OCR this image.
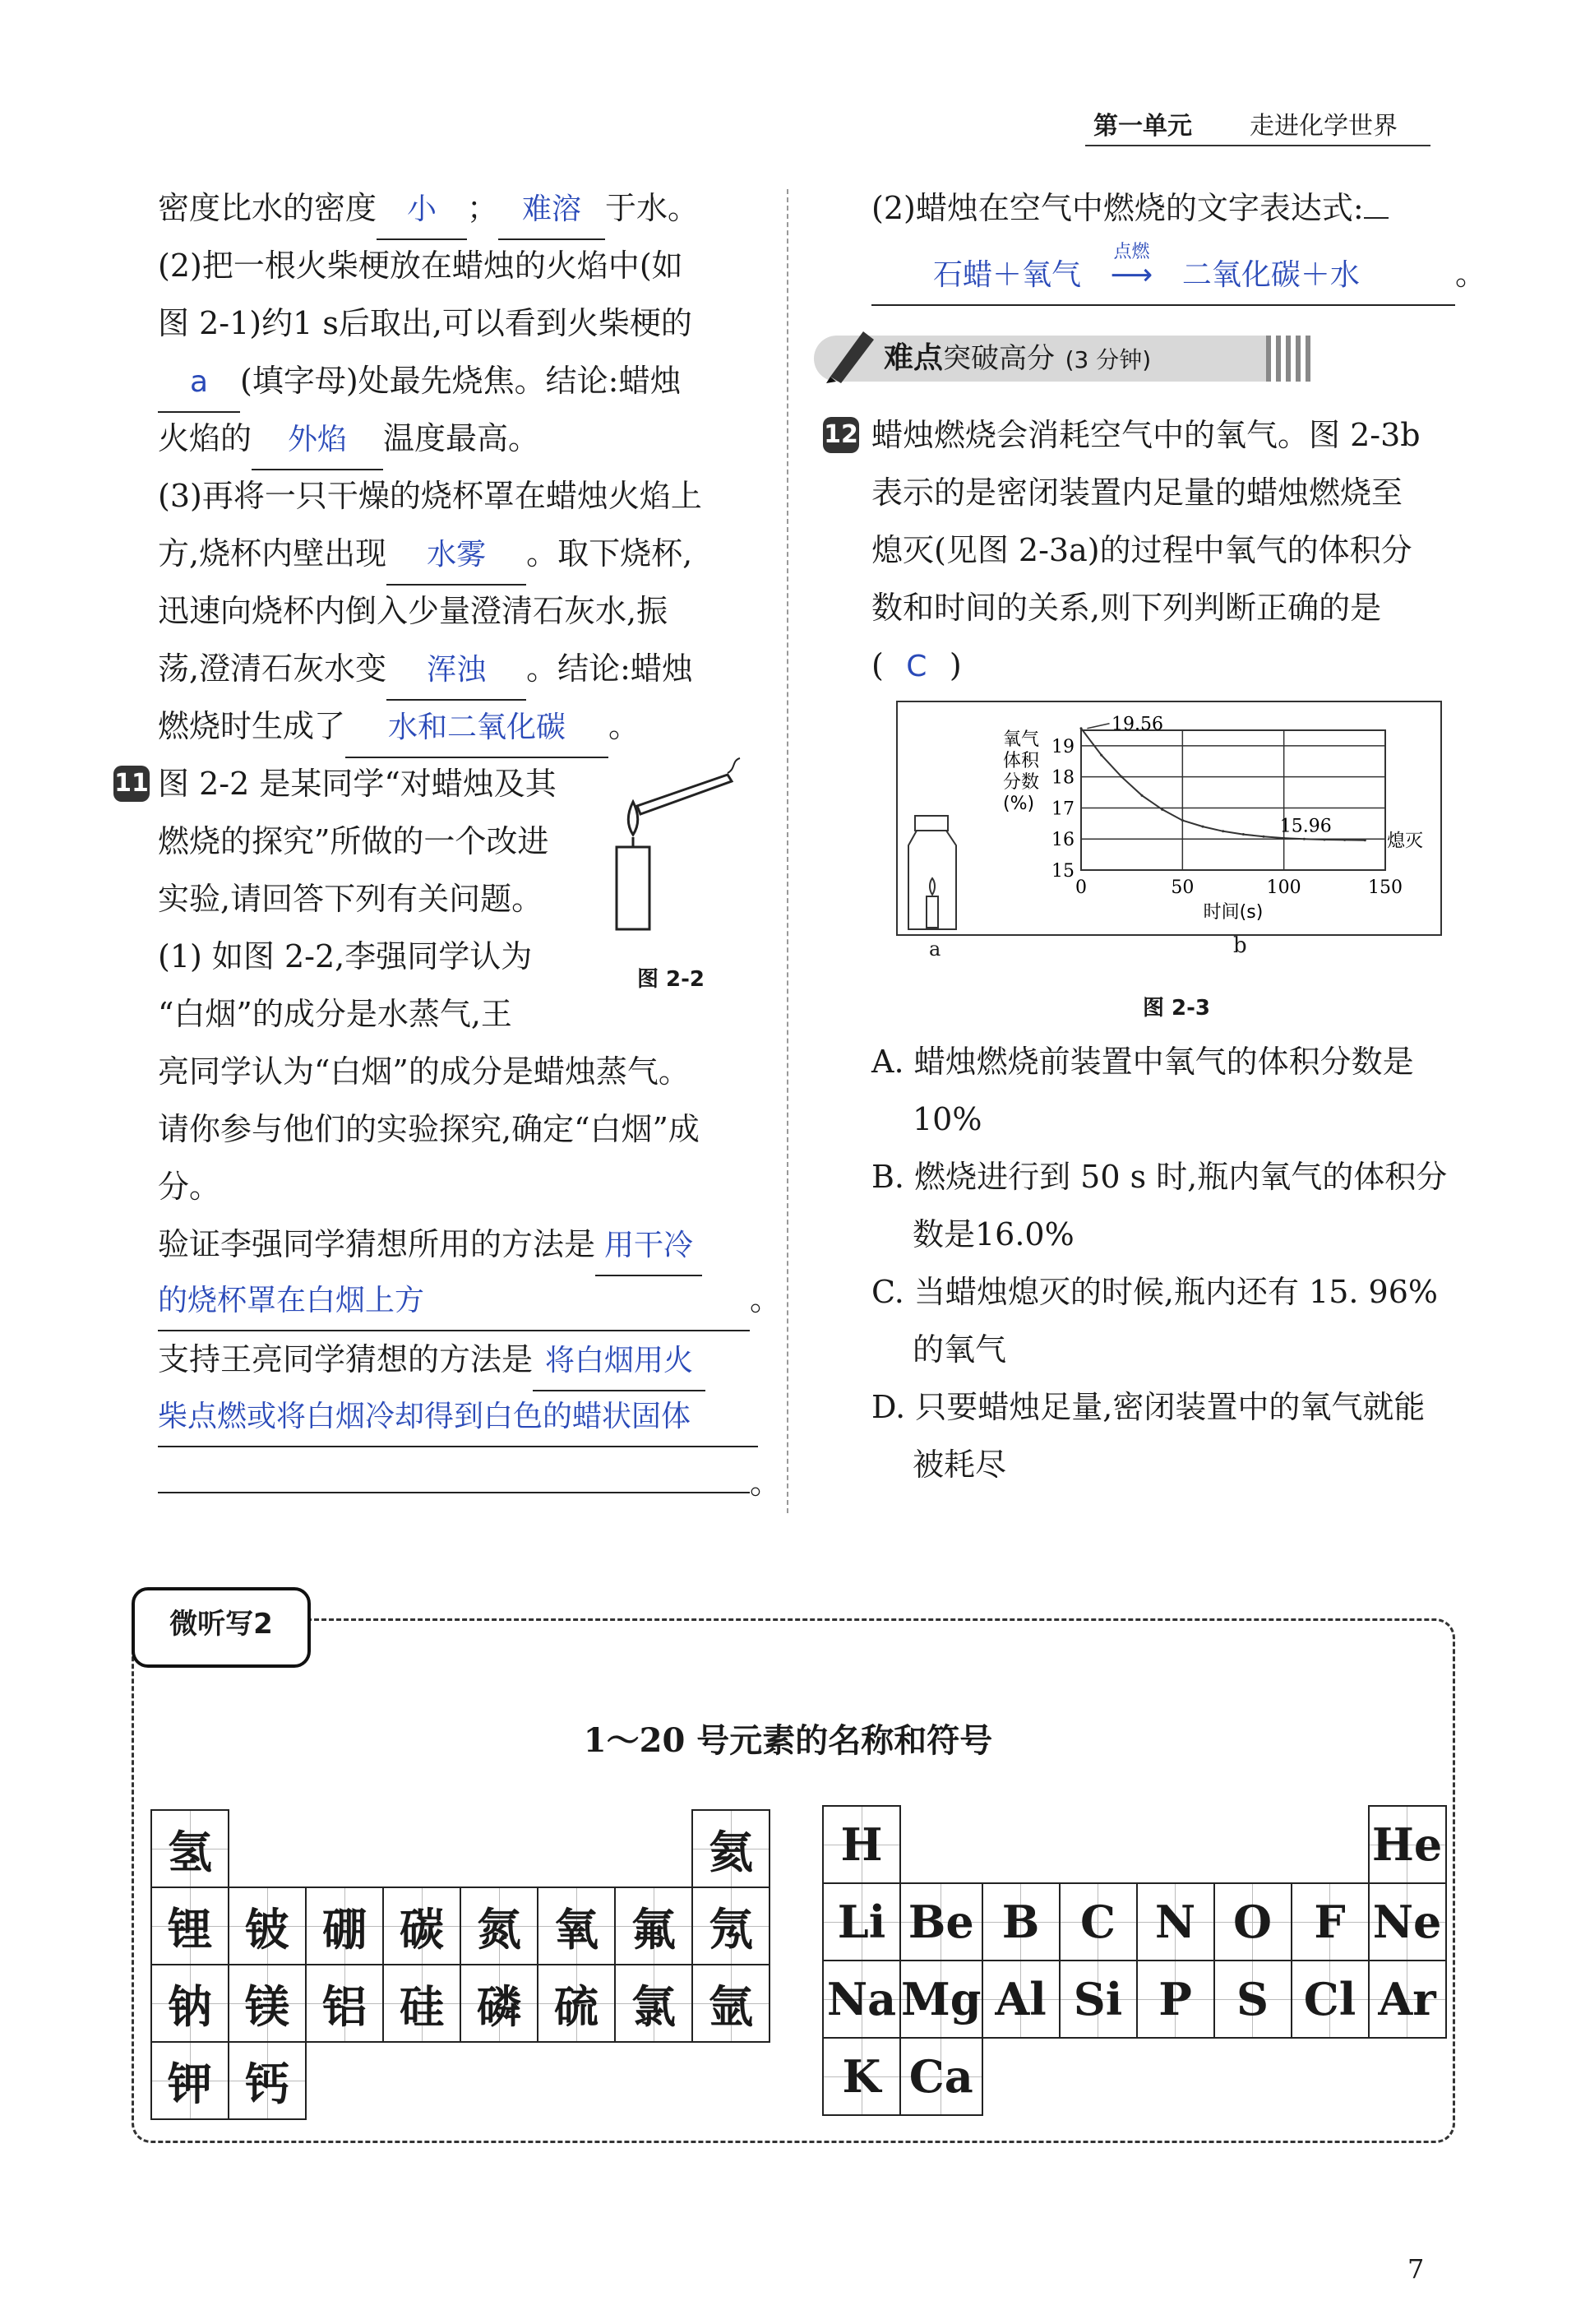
第一单元 走进化学世界
密度比水的密度 小 ； 难溶 于水。
(2)把一根火柴梗放在蜡烛的火焰中(如
图 2-1)约1 s后取出,可以看到火柴梗的
a (填字母)处最先烧焦。结论:蜡烛
火焰的 外焰 温度最高。
(3)再将一只干燥的烧杯罩在蜡烛火焰上
方,烧杯内壁出现 水雾 。取下烧杯,
迅速向烧杯内倒入少量澄清石灰水,振
荡,澄清石灰水变 浑浊 。结论:蜡烛
燃烧时生成了 水和二氧化碳 。
11 图 2-2 是某同学“对蜡烛及其
燃烧的探究”所做的一个改进
实验,请回答下列有关问题。
(1) 如图 2-2,李强同学认为
图 2-2
“白烟”的成分是水蒸气,王
亮同学认为“白烟”的成分是蜡烛蒸气。
请你参与他们的实验探究,确定“白烟”成
分。
验证李强同学猜想所用的方法是 用干冷
的烧杯罩在白烟上方	。
支持王亮同学猜想的方法是 将白烟用火
柴点燃或将白烟冷却得到白色的蜡状固体
。
(2)蜡烛在空气中燃烧的文字表达式:
石蜡＋氧气
点燃
⟶ 二氧化碳＋水	。
难点突破高分 (3 分钟)
12 蜡烛燃烧会消耗空气中的氧气。图 2-3b
表示的是密闭装置内足量的蜡烛燃烧至
熄灭(见图 2-3a)的过程中氧气的体积分
数和时间的关系,则下列判断正确的是
( C )
a	b
图 2-3
15
16
17
18
19
0	50	100	150
氧气
体积
分数
(%)
时间(s)
19.56
15.96
熄灭
A. 蜡烛燃烧前装置中氧气的体积分数是
10%
B. 燃烧进行到 50 s 时,瓶内氧气的体积分
数是16.0%
C. 当蜡烛熄灭的时候,瓶内还有 15. 96%
的氧气
D. 只要蜡烛足量,密闭装置中的氧气就能
被耗尽
微听写2
1～20 号元素的名称和符号
氢							氦
锂	铍	硼	碳	氮	氧	氟	氖
钠	镁	铝	硅	磷	硫	氯	氩
钾	钙						
H							He
Li	Be	B	C	N	O	F	Ne
Na	Mg	Al	Si	P	S	Cl	Ar
K	Ca						
7
